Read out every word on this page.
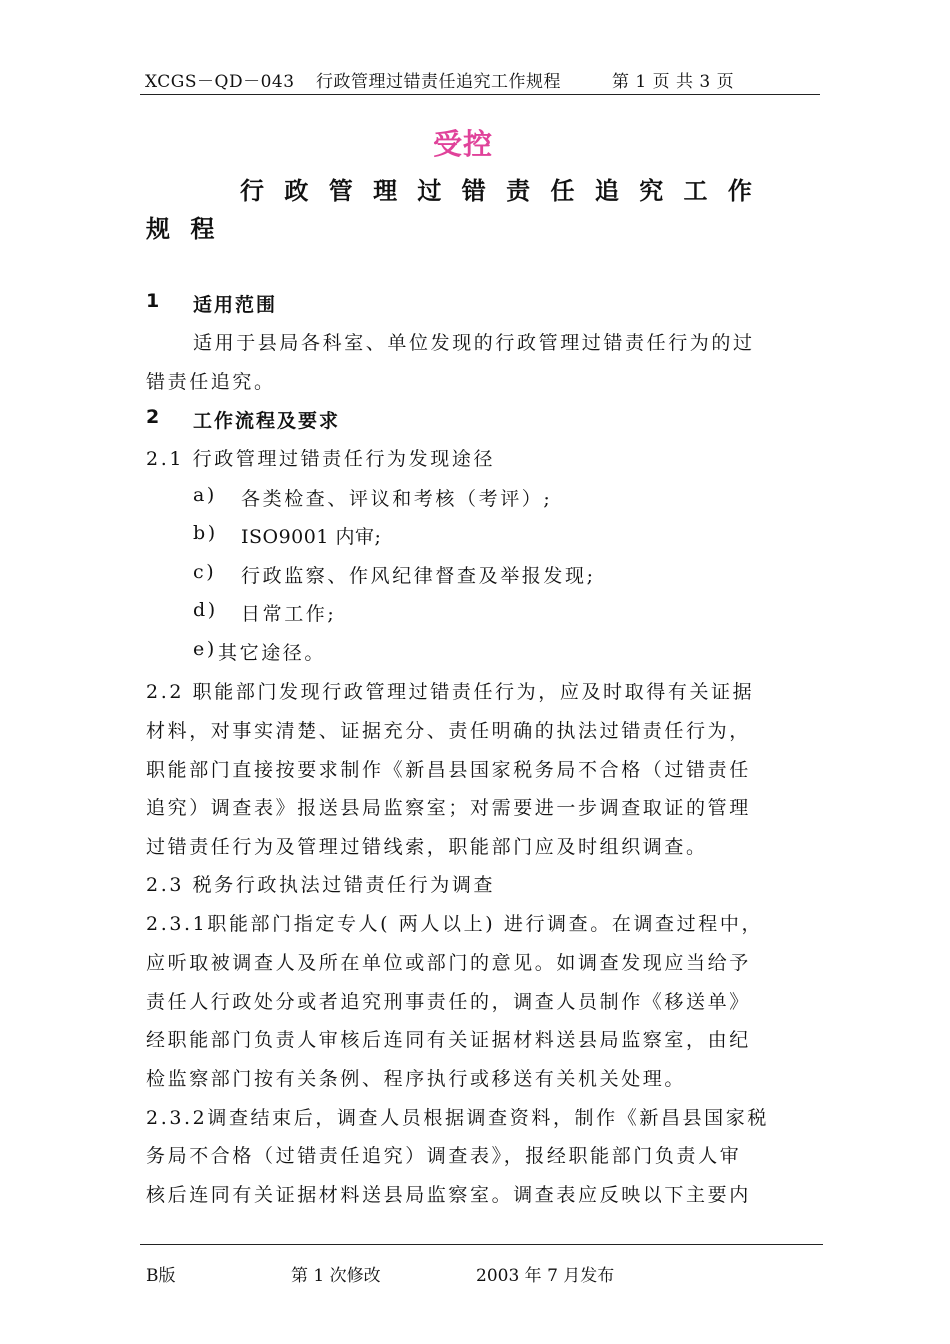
XCGS－QD－043 行政管理过错责任追究工作规程	第 1 页 共 3 页
受控
行 政 管 理 过 错 责 任 追 究 工 作
规 程
1 适用范围
适用于县局各科室、单位发现的行政管理过错责任行为的过
错责任追究。
2 工作流程及要求
2.1 行政管理过错责任行为发现途径
a) 各类检查、评议和考核（考评）;
b) ISO9001 内审;
c) 行政监察、作风纪律督查及举报发现;
d) 日常工作;
e) 其它途径。
2.2 职能部门发现行政管理过错责任行为，应及时取得有关证据
材料，对事实清楚、证据充分、责任明确的执法过错责任行为，
职能部门直接按要求制作《新昌县国家税务局不合格（过错责任
追究）调查表》报送县局监察室；对需要进一步调查取证的管理
过错责任行为及管理过错线索，职能部门应及时组织调查。
2.3 税务行政执法过错责任行为调查
2.3.1职能部门指定专人( 两人以上) 进行调查。在调查过程中，
应听取被调查人及所在单位或部门的意见。如调查发现应当给予
责任人行政处分或者追究刑事责任的，调查人员制作《移送单》
经职能部门负责人审核后连同有关证据材料送县局监察室，由纪
检监察部门按有关条例、程序执行或移送有关机关处理。
2.3.2调查结束后，调查人员根据调查资料，制作《新昌县国家税
务局不合格（过错责任追究）调查表》，报经职能部门负责人审
核后连同有关证据材料送县局监察室。调查表应反映以下主要内
B版	第 1 次修改	2003 年 7 月发布
